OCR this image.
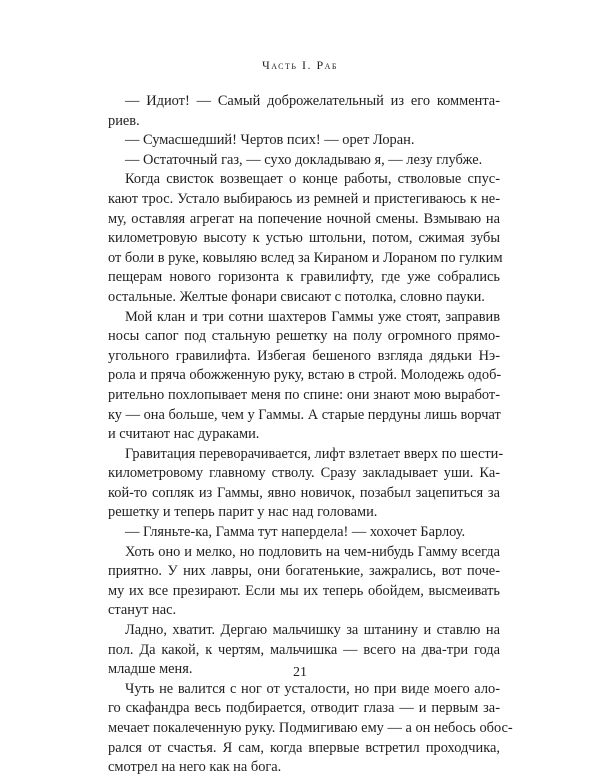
Часть I. Раб
— Идиот! — Самый доброжелательный из его коммента-
риев.
— Сумасшедший! Чертов псих! — орет Лоран.
— Остаточный газ, — сухо докладываю я, — лезу глубже.
Когда свисток возвещает о конце работы, стволовые спус-
кают трос. Устало выбираюсь из ремней и пристегиваюсь к не-
му, оставляя агрегат на попечение ночной смены. Взмываю на
километровую высоту к устью штольни, потом, сжимая зубы
от боли в руке, ковыляю вслед за Кираном и Лораном по гулким
пещерам нового горизонта к гравилифту, где уже собрались
остальные. Желтые фонари свисают с потолка, словно пауки.
Мой клан и три сотни шахтеров Гаммы уже стоят, заправив
носы сапог под стальную решетку на полу огромного прямо-
угольного гравилифта. Избегая бешеного взгляда дядьки Нэ-
рола и пряча обожженную руку, встаю в строй. Молодежь одоб-
рительно похлопывает меня по спине: они знают мою выработ-
ку — она больше, чем у Гаммы. А старые пердуны лишь ворчат
и считают нас дураками.
Гравитация переворачивается, лифт взлетает вверх по шести-
километровому главному стволу. Сразу закладывает уши. Ка-
кой-то сопляк из Гаммы, явно новичок, позабыл зацепиться за
решетку и теперь парит у нас над головами.
— Гляньте-ка, Гамма тут напердела! — хохочет Барлоу.
Хоть оно и мелко, но подловить на чем-нибудь Гамму всегда
приятно. У них лавры, они богатенькие, зажрались, вот поче-
му их все презирают. Если мы их теперь обойдем, высмеивать
станут нас.
Ладно, хватит. Дергаю мальчишку за штанину и ставлю на
пол. Да какой, к чертям, мальчишка — всего на два-три года
младше меня.
Чуть не валится с ног от усталости, но при виде моего ало-
го скафандра весь подбирается, отводит глаза — и первым за-
мечает покалеченную руку. Подмигиваю ему — а он небось обос-
рался от счастья. Я сам, когда впервые встретил проходчика,
смотрел на него как на бога.
21
